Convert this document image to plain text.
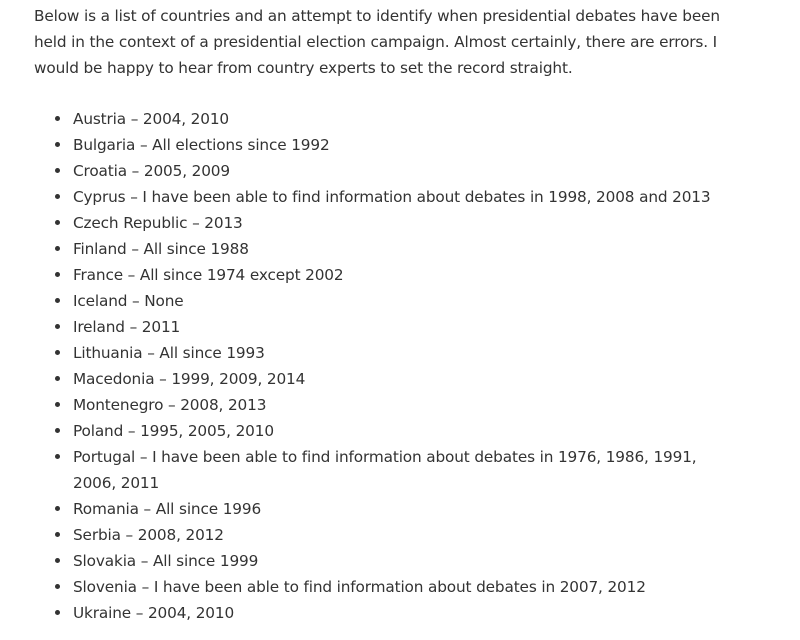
Below is a list of countries and an attempt to identify when presidential debates have been held in the context of a presidential election campaign. Almost certainly, there are errors. I would be happy to hear from country experts to set the record straight.

Austria – 2004, 2010
Bulgaria – All elections since 1992
Croatia – 2005, 2009
Cyprus – I have been able to find information about debates in 1998, 2008 and 2013
Czech Republic – 2013
Finland – All since 1988
France – All since 1974 except 2002
Iceland – None
Ireland – 2011
Lithuania – All since 1993
Macedonia – 1999, 2009, 2014
Montenegro – 2008, 2013
Poland – 1995, 2005, 2010
Portugal – I have been able to find information about debates in 1976, 1986, 1991, 2006, 2011
Romania – All since 1996
Serbia – 2008, 2012
Slovakia – All since 1999
Slovenia – I have been able to find information about debates in 2007, 2012
Ukraine – 2004, 2010
